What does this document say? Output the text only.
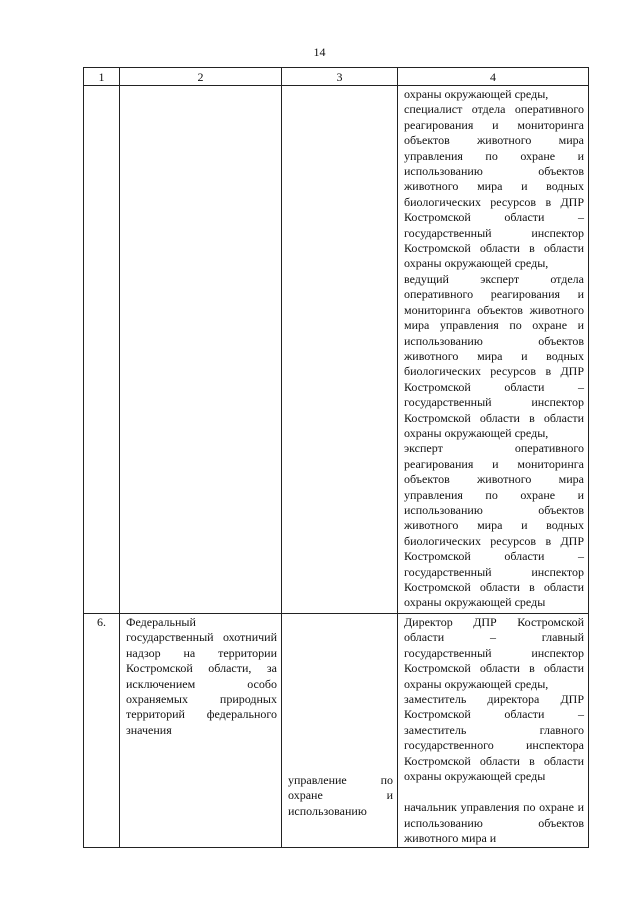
14
1	2	3	4

			охраны окружающей среды,

специалист отдела оперативного реагирования и мониторинга объектов животного мира управления по охране и использованию объектов животного мира и водных биологических ресурсов в ДПР Костромской области – государственный инспектор Костромской области в области охраны окружающей среды,

ведущий эксперт отдела оперативного реагирования и мониторинга объектов животного мира управления по охране и использованию объектов животного мира и водных биологических ресурсов в ДПР Костромской области – государственный инспектор Костромской области в области охраны окружающей среды,

эксперт оперативного реагирования и мониторинга объектов животного мира управления по охране и использованию объектов животного мира и водных биологических ресурсов в ДПР Костромской области – государственный инспектор Костромской области в области охраны окружающей среды

6.	Федеральный государственный охотничий надзор на территории Костромской области, за исключением особо охраняемых природных территорий федерального значения	управление по охране и использованию	Директор ДПР Костромской области – главный государственный инспектор Костромской области в области охраны окружающей среды,

заместитель директора ДПР Костромской области – заместитель главного государственного инспектора Костромской области в области охраны окружающей среды

начальник управления по охране и использованию объектов животного мира и
